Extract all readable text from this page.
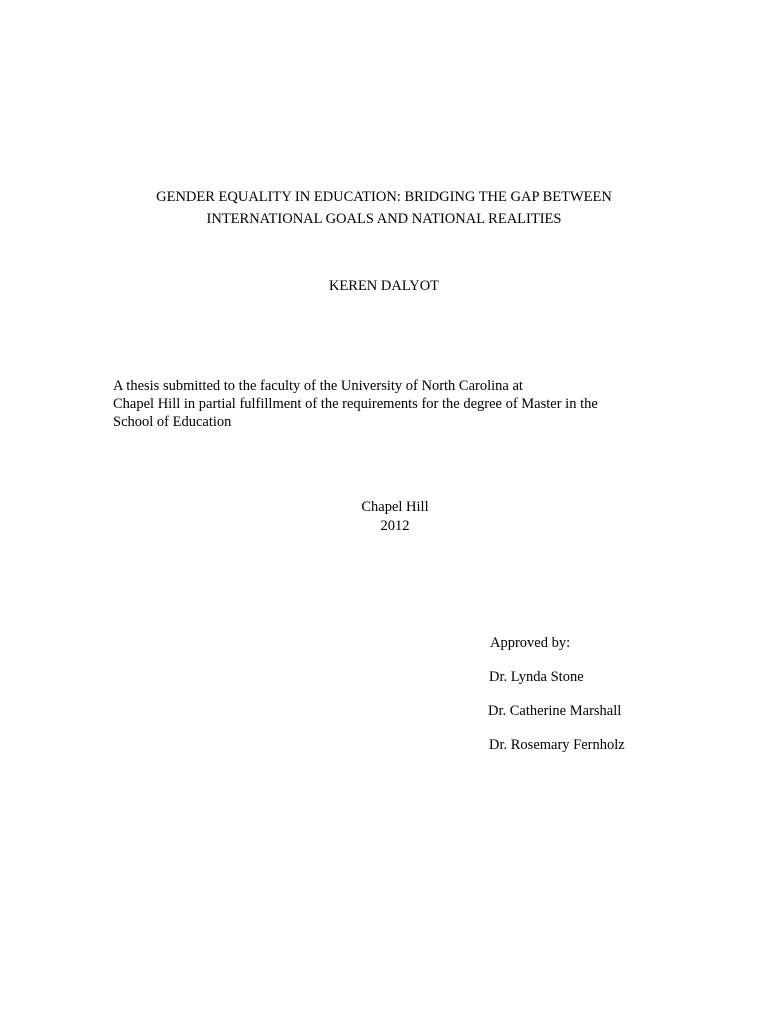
GENDER EQUALITY IN EDUCATION: BRIDGING THE GAP BETWEEN
INTERNATIONAL GOALS AND NATIONAL REALITIES
KEREN DALYOT
A thesis submitted to the faculty of the University of North Carolina at
Chapel Hill in partial fulfillment of the requirements for the degree of Master in the
School of Education
Chapel Hill
2012
Approved by:
Dr. Lynda Stone
Dr. Catherine Marshall
Dr. Rosemary Fernholz
